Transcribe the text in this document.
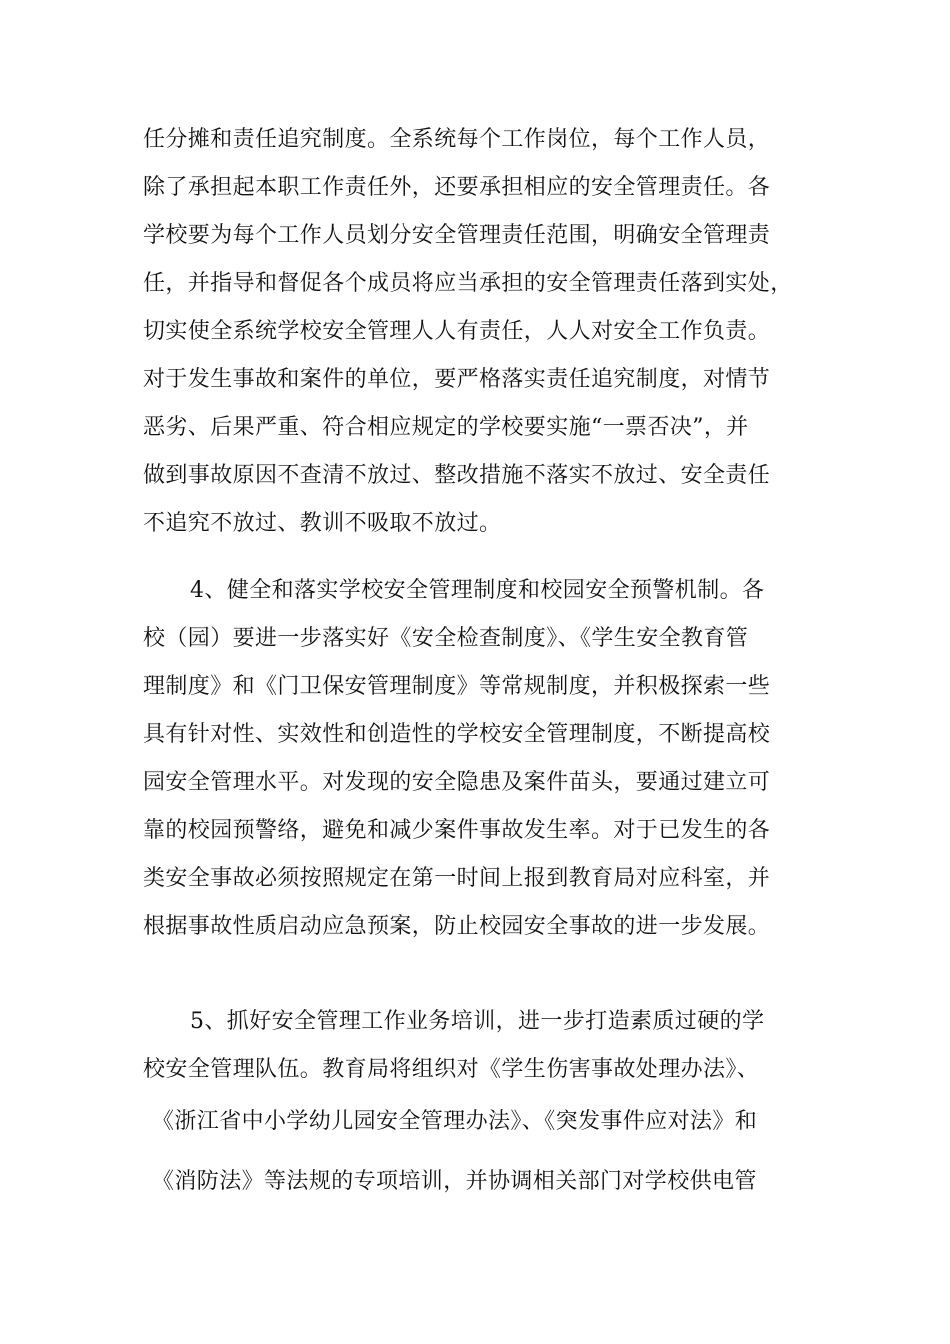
任分摊和责任追究制度。全系统每个工作岗位，每个工作人员，
除了承担起本职工作责任外，还要承担相应的安全管理责任。各
学校要为每个工作人员划分安全管理责任范围，明确安全管理责
任，并指导和督促各个成员将应当承担的安全管理责任落到实处，
切实使全系统学校安全管理人人有责任，人人对安全工作负责。
对于发生事故和案件的单位，要严格落实责任追究制度，对情节
恶劣、后果严重、符合相应规定的学校要实施“一票否决”，并
做到事故原因不查清不放过、整改措施不落实不放过、安全责任
不追究不放过、教训不吸取不放过。
4、健全和落实学校安全管理制度和校园安全预警机制。各
校（园）要进一步落实好《安全检查制度》、《学生安全教育管
理制度》和《门卫保安管理制度》等常规制度，并积极探索一些
具有针对性、实效性和创造性的学校安全管理制度，不断提高校
园安全管理水平。对发现的安全隐患及案件苗头，要通过建立可
靠的校园预警络，避免和减少案件事故发生率。对于已发生的各
类安全事故必须按照规定在第一时间上报到教育局对应科室，并
根据事故性质启动应急预案，防止校园安全事故的进一步发展。
5、抓好安全管理工作业务培训，进一步打造素质过硬的学
校安全管理队伍。教育局将组织对《学生伤害事故处理办法》、
《浙江省中小学幼儿园安全管理办法》、《突发事件应对法》和
《消防法》等法规的专项培训，并协调相关部门对学校供电管
